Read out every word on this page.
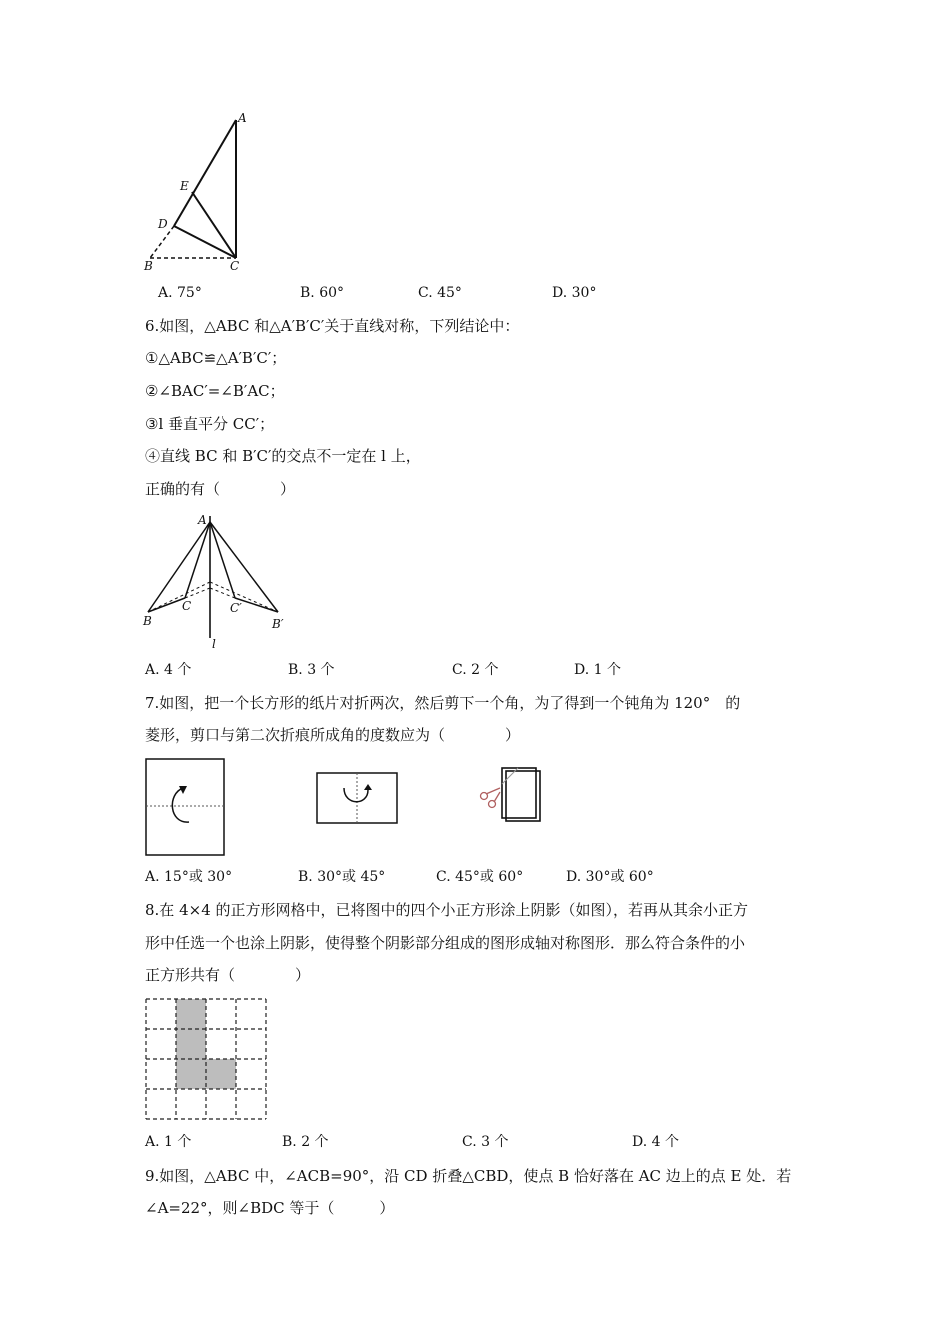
A
E
D
B	C
A. 75°	B. 60°	C. 45°	D. 30°
6.如图，△ABC 和△A′B′C′关于直线对称，下列结论中：
①△ABC≌△A′B′C′；
②∠BAC′=∠B′AC；
③l 垂直平分 CC′；
④直线 BC 和 B′C′的交点不一定在 l 上，
正确的有（　　　　）
A
B
C	C′
B′
l
A. 4 个	B. 3 个	C. 2 个	D. 1 个
7.如图，把一个长方形的纸片对折两次，然后剪下一个角，为了得到一个钝角为 120°　的
菱形，剪口与第二次折痕所成角的度数应为（　　　　）
A. 15°或 30°	B. 30°或 45°	C. 45°或 60°	D. 30°或 60°
8.在 4×4 的正方形网格中，已将图中的四个小正方形涂上阴影（如图），若再从其余小正方
形中任选一个也涂上阴影，使得整个阴影部分组成的图形成轴对称图形．那么符合条件的小
正方形共有（　　　　）
A. 1 个	B. 2 个	C. 3 个	D. 4 个
9.如图，△ABC 中，∠ACB=90°，沿 CD 折叠△CBD，使点 B 恰好落在 AC 边上的点 E 处．若
∠A=22°，则∠BDC 等于（　　　）
